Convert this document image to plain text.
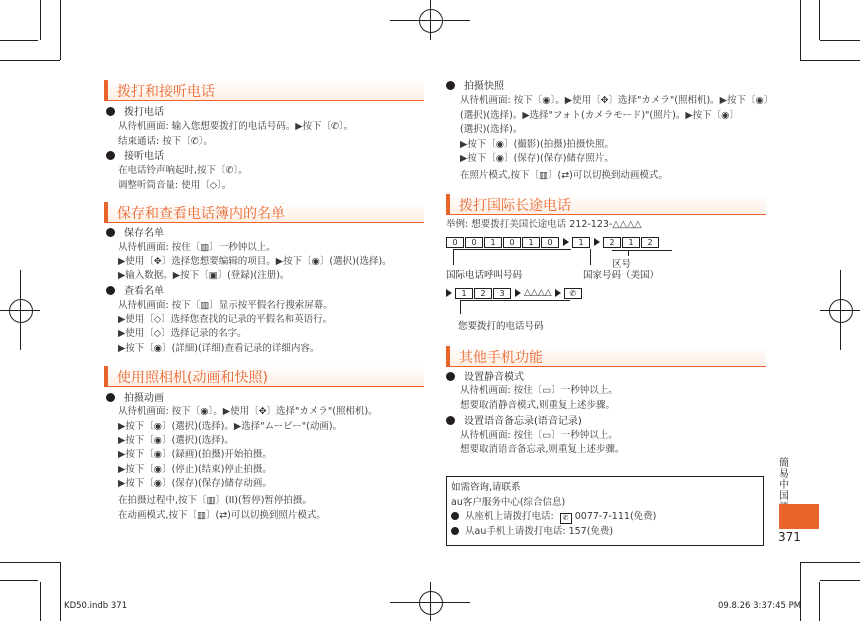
拨打和接听电话
拨打电话
从待机画面: 输入您想要拨打的电话号码。▶按下〔✆〕。
结束通话: 按下〔✆〕。
接听电话
在电话铃声响起时,按下〔✆〕。
调整听筒音量: 使用〔◇〕。
保存和查看电话簿内的名单
保存名单
从待机画面: 按住〔▥〕一秒钟以上。
▶使用〔✥〕选择您想要编辑的项目。▶按下〔◉〕(選択)(选择)。
▶输入数据。▶按下〔▣〕(登録)(注册)。
查看名单
从待机画面: 按下〔▥〕显示按平假名行搜索屏幕。
▶使用〔◇〕选择您查找的记录的平假名和英语行。
▶使用〔◇〕选择记录的名字。
▶按下〔◉〕(詳細)(详细)查看记录的详细内容。
使用照相机(动画和快照)
拍摄动画
从待机画面: 按下〔◉〕。▶使用〔✥〕选择"カメラ"(照相机)。
▶按下〔◉〕(選択)(选择)。▶选择"ムービー"(动画)。
▶按下〔◉〕(選択)(选择)。
▶按下〔◉〕(録画)(拍摄)开始拍摄。
▶按下〔◉〕(停止)(结束)停止拍摄。
▶按下〔◉〕(保存)(保存)储存动画。
在拍摄过程中,按下〔▥〕(II)(暂停)暂停拍摄。
在动画模式,按下〔▥〕(⇄)可以切换到照片模式。
拍摄快照
从待机画面: 按下〔◉〕。▶使用〔✥〕选择"カメラ"(照相机)。▶按下〔◉〕
(選択)(选择)。▶选择"フォト(カメラモード)"(照片)。▶按下〔◉〕
(選択)(选择)。
▶按下〔◉〕(撮影)(拍摄)拍摄快照。
▶按下〔◉〕(保存)(保存)储存照片。
在照片模式,按下〔▥〕(⇄)可以切换到动画模式。
拨打国际长途电话
举例: 想要拨打美国长途电话 212-123-△△△△
0	0	1	0	1	0	1	2	1	2
区号
国际电话呼叫号码	国家号码（美国）
1	2	3	△△△△	✆
您要拨打的电话号码
其他手机功能
设置静音模式
从待机画面: 按住〔▭〕一秒钟以上。
想要取消静音模式,则重复上述步骤。
设置语音备忘录(语音记录)
从待机画面: 按住〔▭〕一秒钟以上。
想要取消语音备忘录,则重复上述步骤。
如需咨询,请联系
au客户服务中心(综合信息)
从座机上请拨打电话: ✆ 0077-7-111(免费)
从au手机上请拨打电话: 157(免费)
簡易中国
371
KD50.indb 371	09.8.26 3:37:45 PM
